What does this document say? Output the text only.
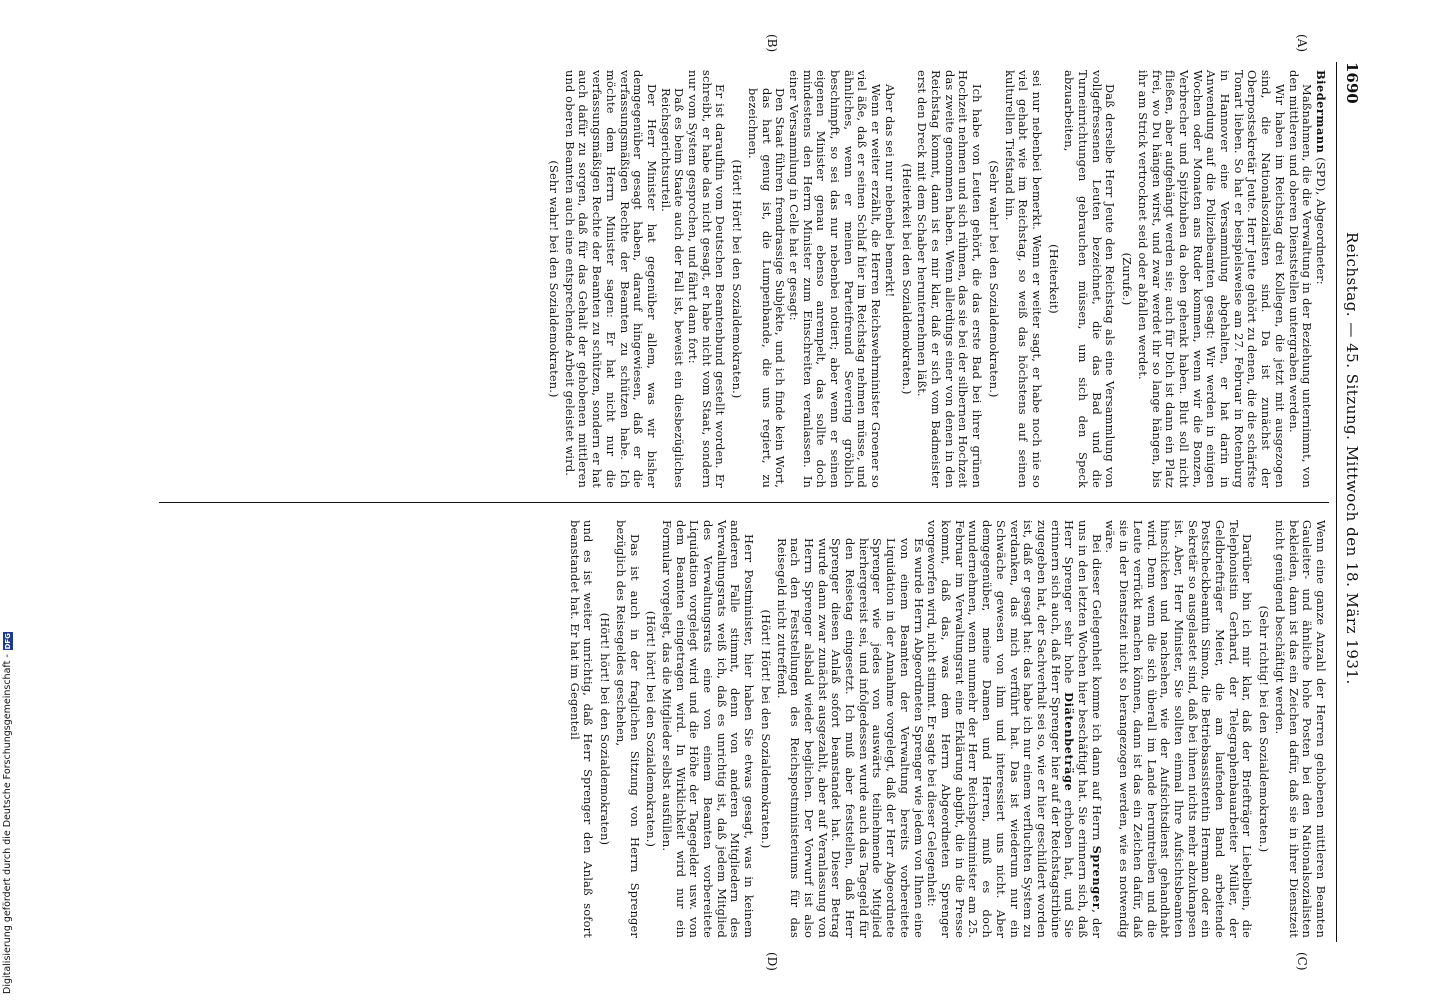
1690
Reichstag. — 45. Sitzung. Mittwoch den 18. März 1931.
(A)
(B)
(C)
(D)

Biedermann (SPD), Abgeordneter:

Maßnahmen, die die Verwaltung in der Beziehung unternimmt, von den mittleren und oberen Dienststellen untergraben werden.

Wir haben im Reichstag drei Kollegen, die jetzt mit ausgezogen sind, die Nationalsozialisten sind. Da ist zunächst der Oberpostsekretär Jeute. Herr Jeute gehört zu denen, die die schärfste Tonart lieben. So hat er beispielsweise am 27. Februar in Rotenburg in Hannover eine Versammlung abgehalten, er hat darin in Anwendung auf die Polizeibeamten gesagt: Wir werden in einigen Wochen oder Monaten ans Ruder kommen, wenn wir die Bonzen, Verbrecher und Spitzbuben da oben gehenkt haben. Blut soll nicht fließen, aber aufgehängt werden sie; auch für Dich ist dann ein Platz frei, wo Du hängen wirst, und zwar werdet ihr so lange hängen, bis ihr am Strick vertrocknet seid oder abfallen werdet.

(Zurufe.)

Daß derselbe Herr Jeute den Reichstag als eine Versammlung von vollgefressenen Leuten bezeichnet, die das Bad und die Turneinrichtungen gebrauchen müssen, um sich den Speck abzuarbeiten,

(Heiterkeit)

sei nur nebenbei bemerkt. Wenn er weiter sagt, er habe noch nie so viel gehabt wie im Reichstag, so weiß das höchstens auf seinen kulturellen Tiefstand hin.

(Sehr wahr! bei den Sozialdemokraten.)

Ich habe von Leuten gehört, die das erste Bad bei ihrer grünen Hochzeit nehmen und sich rühmen, das sie bei der silbernen Hochzeit das zweite genommen haben. Wenn allerdings einer von denen in den Reichstag kommt, dann ist es mir klar, daß er sich vom Badmeister erst den Dreck mit dem Schaber herunternehmen läßt.

(Heiterkeit bei den Sozialdemokraten.)

Aber das sei nur nebenbei bemerkt!

Wenn er weiter erzählt, die Herren Reichswehrminister Groener so viel äße, daß er seinen Schlaf hier im Reichstag nehmen müsse, und ähnliches, wenn er meinen Parteifreund Severing gröblich beschimpft, so sei das nur nebenbei notiert; aber wenn er seinen eigenen Minister genau ebenso anrempelt, das sollte doch mindestens den Herrn Minister zum Einschreiten veranlassen. In einer Versammlung in Celle hat er gesagt:

Den Staat führen fremdrassige Subjekte, und ich finde kein Wort, das hart genug ist, die Lumpenbande, die uns regiert, zu bezeichnen.

(Hört! Hört! bei den Sozialdemokraten.)

Er ist daraufhin vom Deutschen Beamtenbund gestellt worden. Er schreibt, er habe das nicht gesagt, er habe nicht vom Staat, sondern nur vom System gesprochen, und fährt dann fort:

Daß es beim Staate auch der Fall ist, beweist ein diesbezügliches Reichsgerichtsurteil.

Der Herr Minister hat gegenüber allem, was wir bisher demgegenüber gesagt haben, darauf hingewiesen, daß er die verfassungsmäßigen Rechte der Beamten zu schützen habe. Ich möchte dem Herrn Minister sagen: Er hat nicht nur die verfassungsmäßigen Rechte der Beamten zu schützen, sondern er hat auch dafür zu sorgen, daß für das Gehalt der gehobenen mittleren und oberen Beamten auch eine entsprechende Arbeit geleistet wird.

(Sehr wahr! bei den Sozialdemokraten.)

Wenn eine ganze Anzahl der Herren gehobenen mittleren Beamten Gauleiter- und ähnliche hohe Posten bei den Nationalsozialisten bekleiden, dann ist das ein Zeichen dafür, daß sie in ihrer Dienstzeit nicht genügend beschäftigt werden.

(Sehr richtig! bei den Sozialdemokraten.)

Darüber bin ich mir klar, daß der Briefträger Liebelbein, die Telephonistin Gerhard, der Telegraphenbauarbeiter Müller, der Geldbriefträger Meier, die am laufenden Band arbeitende Postscheckbeamtin Simon, die Betriebsassistentin Hermann oder ein Sekretär so ausgelastet sind, daß bei ihnen nichts mehr abzuknapsen ist. Aber, Herr Minister, Sie sollten einmal Ihre Aufsichtsbeamten hinschicken und nachsehen, wie der Aufsichtsdienst gehandhabt wird. Denn wenn die sich überall im Lande herumtreiben und die Leute verrückt machen können, dann ist das ein Zeichen dafür, daß sie in der Dienstzeit nicht so herangezogen werden, wie es notwendig wäre.

Bei dieser Gelegenheit komme ich dann auf Herrn Sprenger, der uns in den letzten Wochen hier beschäftigt hat. Sie erinnern sich, daß Herr Sprenger sehr hohe Diätenbeträge erhoben hat, und Sie erinnern sich auch, daß Herr Sprenger hier auf der Reichstagstribüne zugegeben hat, der Sachverhalt sei so, wie er hier geschildert worden ist, daß er gesagt hat: das habe ich nur einem verfluchten System zu verdanken, das mich verführt hat. Das ist wiederum nur ein Schwäche gewesen von ihm und interessiert uns nicht. Aber demgegenüber, meine Damen und Herren, muß es doch wundernehmen, wenn nunmehr der Herr Reichspostminister am 25. Februar im Verwaltungsrat eine Erklärung abgibt, die in die Presse kommt, daß das, was dem Herrn Abgeordneten Sprenger vorgeworfen wird, nicht stimmt. Er sagte bei dieser Gelegenheit:

Es wurde Herrn Abgeordneten Sprenger wie jedem von Ihnen eine von einem Beamten der Verwaltung bereits vorbereitete Liquidation in der Annahme vorgelegt, daß der Herr Abgeordnete Sprenger wie jedes von auswärts teilnehmende Mitglied hierhergereist sei, und infolgedessen wurde auch das Tagegeld für den Reisetag eingesetzt. Ich muß aber feststellen, daß Herr Sprenger diesen Anlaß sofort beanstandet hat. Dieser Betrag wurde dann zwar zunächst ausgezahlt, aber auf Veranlassung von Herrn Sprenger alsbald wieder beglichen. Der Vorwurf ist also nach den Feststellungen des Reichspostministeriums für das Reisegeld nicht zutreffend.

(Hört! Hört! bei den Sozialdemokraten.)

Herr Postminister, hier haben Sie etwas gesagt, was in keinem anderen Falle stimmt, denn von anderen Mitgliedern des Verwaltungsrats weiß ich, daß es unrichtig ist, daß jedem Mitglied des Verwaltungsrats eine von einem Beamten vorbereitete Liquidation vorgelegt wird und die Höhe der Tagegelder usw. von dem Beamten eingetragen wird. In Wirklichkeit wird nur ein Formular vorgelegt, das die Mitglieder selbst ausfüllen.

(Hört! hört! bei den Sozialdemokraten.)

Das ist auch in der fraglichen Sitzung von Herrn Sprenger bezüglich des Reisegeldes geschehen,

(Hört! hört! bei den Sozialdemokraten)

und es ist weiter unrichtig, daß Herr Sprenger den Anlaß sofort beanstandet hat. Er hat im Gegenteil

Digitalisierung gefördert durch die Deutsche Forschungsgemeinschaft -DFG
